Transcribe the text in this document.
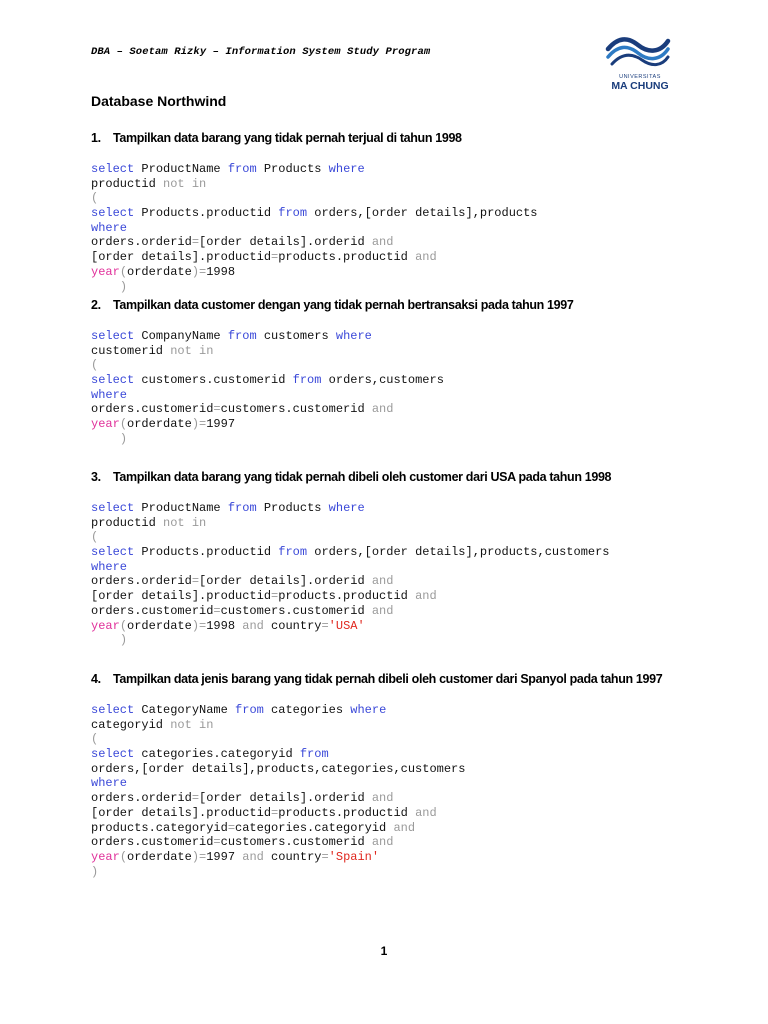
DBA – Soetam Rizky – Information System Study Program

UNIVERSITAS
MA CHUNG
Database Northwind

1. Tampilkan data barang yang tidak pernah terjual di tahun 1998

select ProductName from Products where
productid not in
(
select Products.productid from orders,[order details],products
where
orders.orderid=[order details].orderid and
[order details].productid=products.productid and
year(orderdate)=1998
)

2. Tampilkan data customer dengan yang tidak pernah bertransaksi pada tahun 1997

select CompanyName from customers where
customerid not in
(
select customers.customerid from orders,customers
where
orders.customerid=customers.customerid and
year(orderdate)=1997
)

3. Tampilkan data barang yang tidak pernah dibeli oleh customer dari USA pada tahun 1998

select ProductName from Products where
productid not in
(
select Products.productid from orders,[order details],products,customers
where
orders.orderid=[order details].orderid and
[order details].productid=products.productid and
orders.customerid=customers.customerid and
year(orderdate)=1998 and country='USA'
)

4. Tampilkan data jenis barang yang tidak pernah dibeli oleh customer dari Spanyol pada tahun 1997

select CategoryName from categories where
categoryid not in
(
select categories.categoryid from
orders,[order details],products,categories,customers
where
orders.orderid=[order details].orderid and
[order details].productid=products.productid and
products.categoryid=categories.categoryid and
orders.customerid=customers.customerid and
year(orderdate)=1997 and country='Spain'
)
1
